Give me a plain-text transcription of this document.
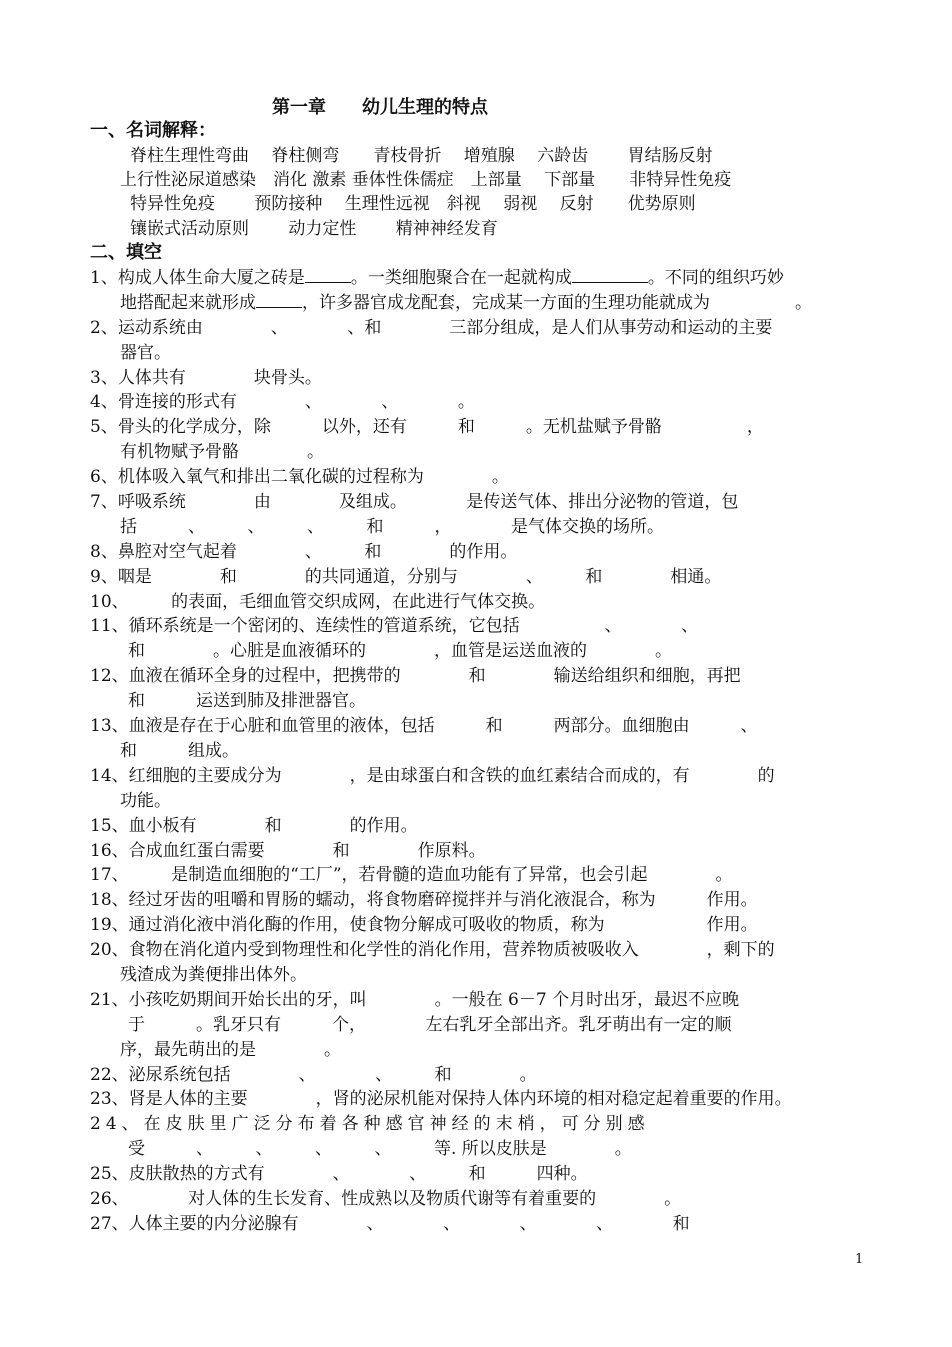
第一章　　幼儿生理的特点
一、名词解释：
脊柱生理性弯曲　 脊柱侧弯　　青枝骨折　 增殖腺　 六龄齿　　 胃结肠反射
上行性泌尿道感染　消化 激素 垂体性侏儒症　上部量　 下部量　　非特异性免疫
特异性免疫　　 预防接种　 生理性远视　斜视　 弱视　 反射　　优势原则
镶嵌式活动原则　　 动力定性　　 精神神经发育
二、填空
1、构成人体生命大厦之砖是	。一类细胞聚合在一起就构成	。不同的组织巧妙
地搭配起来就形成	，许多器官成龙配套，完成某一方面的生理功能就成为　　　　　。
2、运动系统由　　　　、　　　　、和　　　　三部分组成，是人们从事劳动和运动的主要
器官。
3、人体共有　　　　块骨头。
4、骨连接的形式有　　　　、　　　　、　　　　。
5、骨头的化学成分，除　　　以外，还有　　　和　　　。无机盐赋予骨骼　　　　　，
有机物赋予骨骼　　　　。
6、机体吸入氧气和排出二氧化碳的过程称为　　　　。
7、呼吸系统　　　　由　　　　及组成。　　　　是传送气体、排出分泌物的管道，包
括　　　、　　　、　　　、　　　和　　　，　　　　是气体交换的场所。
8、鼻腔对空气起着　　　　、　　　和　　　　的作用。
9、咽是　　　　和　　　　的共同通道，分别与　　　　、　　　和　　　　相通。
10、　　　的表面，毛细血管交织成网，在此进行气体交换。
11、循环系统是一个密闭的、连续性的管道系统，它包括　　　　　、　　　　、
和　　　　。心脏是血液循环的　　　　，血管是运送血液的　　　　。
12、血液在循环全身的过程中，把携带的　　　　和　　　　输送给组织和细胞，再把
和　　　运送到肺及排泄器官。
13、血液是存在于心脏和血管里的液体，包括　　　和　　　两部分。血细胞由　　　、
和　　　组成。
14、红细胞的主要成分为　　　　，是由球蛋白和含铁的血红素结合而成的，有　　　　的
功能。
15、血小板有　　　　和　　　　的作用。
16、合成血红蛋白需要　　　　和　　　　作原料。
17、　　　是制造血细胞的“工厂”，若骨髓的造血功能有了异常，也会引起　　　　。
18、经过牙齿的咀嚼和胃肠的蠕动，将食物磨碎搅拌并与消化液混合，称为　　　作用。
19、通过消化液中消化酶的作用，使食物分解成可吸收的物质，称为　　　　　　作用。
20、食物在消化道内受到物理性和化学性的消化作用，营养物质被吸收入　　　　，剩下的
残渣成为粪便排出体外。
21、小孩吃奶期间开始长出的牙，叫　　　　。一般在 6－7 个月时出牙，最迟不应晚
于　　　。乳牙只有　　　个，　　　　左右乳牙全部出齐。乳牙萌出有一定的顺
序，最先萌出的是　　　　。
22、泌尿系统包括　　　　、　　　　、　　　和　　　　。
23、肾是人体的主要　　　　，肾的泌尿机能对保持人体内环境的相对稳定起着重要的作用。
24、在皮肤里广泛分布着各种感官神经的末梢，可分别感
受　　　、　　　、　　　、　　　、　　　等. 所以皮肤是　　　　。
25、皮肤散热的方式有　　　　、　　　　、　　　和　　　四种。
26、　　　　对人体的生长发育、性成熟以及物质代谢等有着重要的　　　　。
27、人体主要的内分泌腺有　　　　、　　　　、　　　　、　　　　、　　　　和
1
